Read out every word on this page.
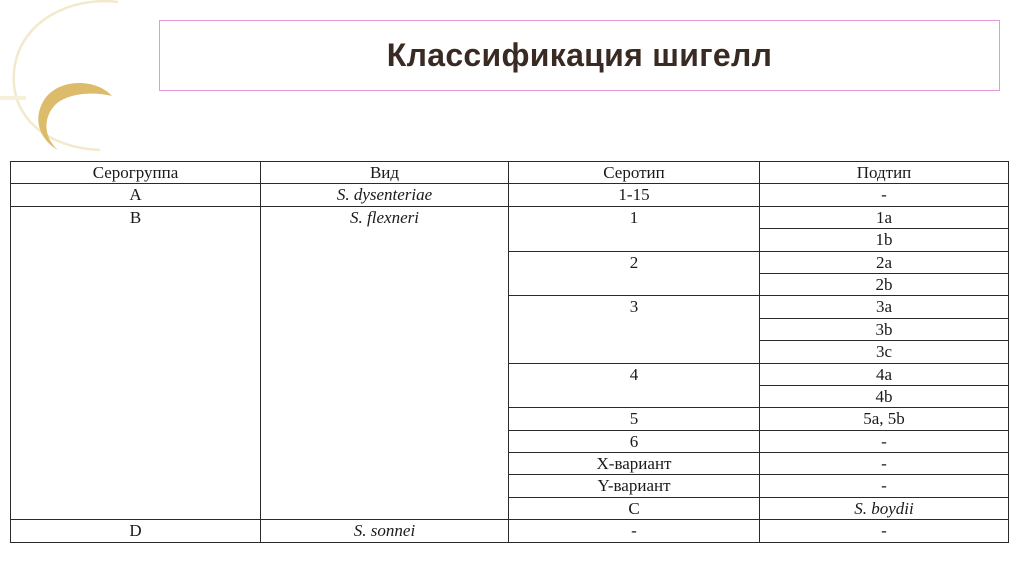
Классификация шигелл
Серогруппа	Вид	Серотип	Подтип	
A	S. dysenteriae	1-15	-	
B	S. flexneri	1	1a	
			1b	
		2	2a	
			2b	
		3	3a	
			3b	
			3c	
		4	4a	
			4b	
		5	5a, 5b	
		6	-	
		X-вариант	-	
		Y-вариант	-	
		C	S. boydii		
D	S. sonnei	-	-	
